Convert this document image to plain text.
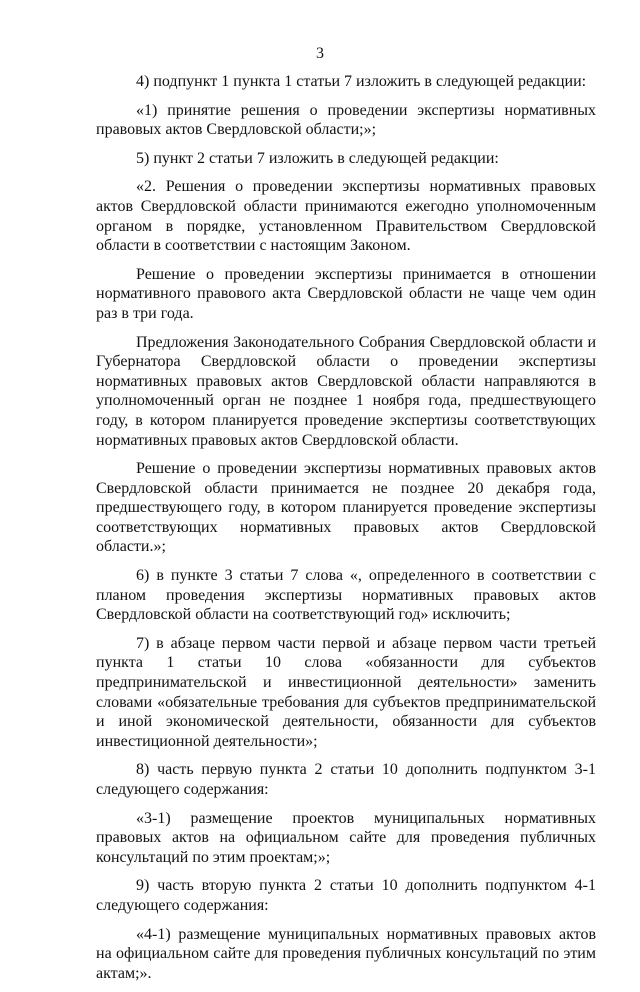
3

4) подпункт 1 пункта 1 статьи 7 изложить в следующей редакции:

«1) принятие решения о проведении экспертизы нормативных правовых актов Свердловской области;»;

5) пункт 2 статьи 7 изложить в следующей редакции:

«2. Решения о проведении экспертизы нормативных правовых актов Свердловской области принимаются ежегодно уполномоченным органом в порядке, установленном Правительством Свердловской области в соответствии с настоящим Законом.

Решение о проведении экспертизы принимается в отношении нормативного правового акта Свердловской области не чаще чем один раз в три года.

Предложения Законодательного Собрания Свердловской области и Губернатора Свердловской области о проведении экспертизы нормативных правовых актов Свердловской области направляются в уполномоченный орган не позднее 1 ноября года, предшествующего году, в котором планируется проведение экспертизы соответствующих нормативных правовых актов Свердловской области.

Решение о проведении экспертизы нормативных правовых актов Свердловской области принимается не позднее 20 декабря года, предшествующего году, в котором планируется проведение экспертизы соответствующих нормативных правовых актов Свердловской области.»;

6) в пункте 3 статьи 7 слова «, определенного в соответствии с планом проведения экспертизы нормативных правовых актов Свердловской области на соответствующий год» исключить;

7) в абзаце первом части первой и абзаце первом части третьей пункта 1 статьи 10 слова «обязанности для субъектов предпринимательской и инвестиционной деятельности» заменить словами «обязательные требования для субъектов предпринимательской и иной экономической деятельности, обязанности для субъектов инвестиционной деятельности»;

8) часть первую пункта 2 статьи 10 дополнить подпунктом 3-1 следующего содержания:

«3-1) размещение проектов муниципальных нормативных правовых актов на официальном сайте для проведения публичных консультаций по этим проектам;»;

9) часть вторую пункта 2 статьи 10 дополнить подпунктом 4-1 следующего содержания:

«4-1) размещение муниципальных нормативных правовых актов на официальном сайте для проведения публичных консультаций по этим актам;».
